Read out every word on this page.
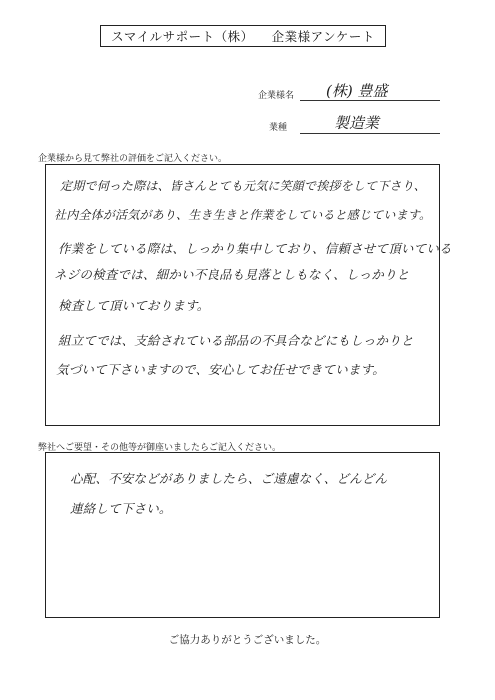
スマイルサポート（株） 企業様アンケート
企業様名 (株) 豊盛
業種	製造業
企業様から見て弊社の評価をご記入ください。
定期で伺った際は、皆さんとても元気に笑顔で挨拶をして下さり、
社内全体が活気があり、生き生きと作業をしていると感じています。
作業をしている際は、しっかり集中しており、信頼させて頂いている
ネジの検査では、細かい不良品も見落としもなく、しっかりと
検査して頂いております。
組立てでは、支給されている部品の不具合などにもしっかりと
気づいて下さいますので、安心してお任せできています。
弊社へご要望・その他等が御座いましたらご記入ください。
心配、不安などがありましたら、ご遠慮なく、どんどん
連絡して下さい。
ご協力ありがとうございました。
